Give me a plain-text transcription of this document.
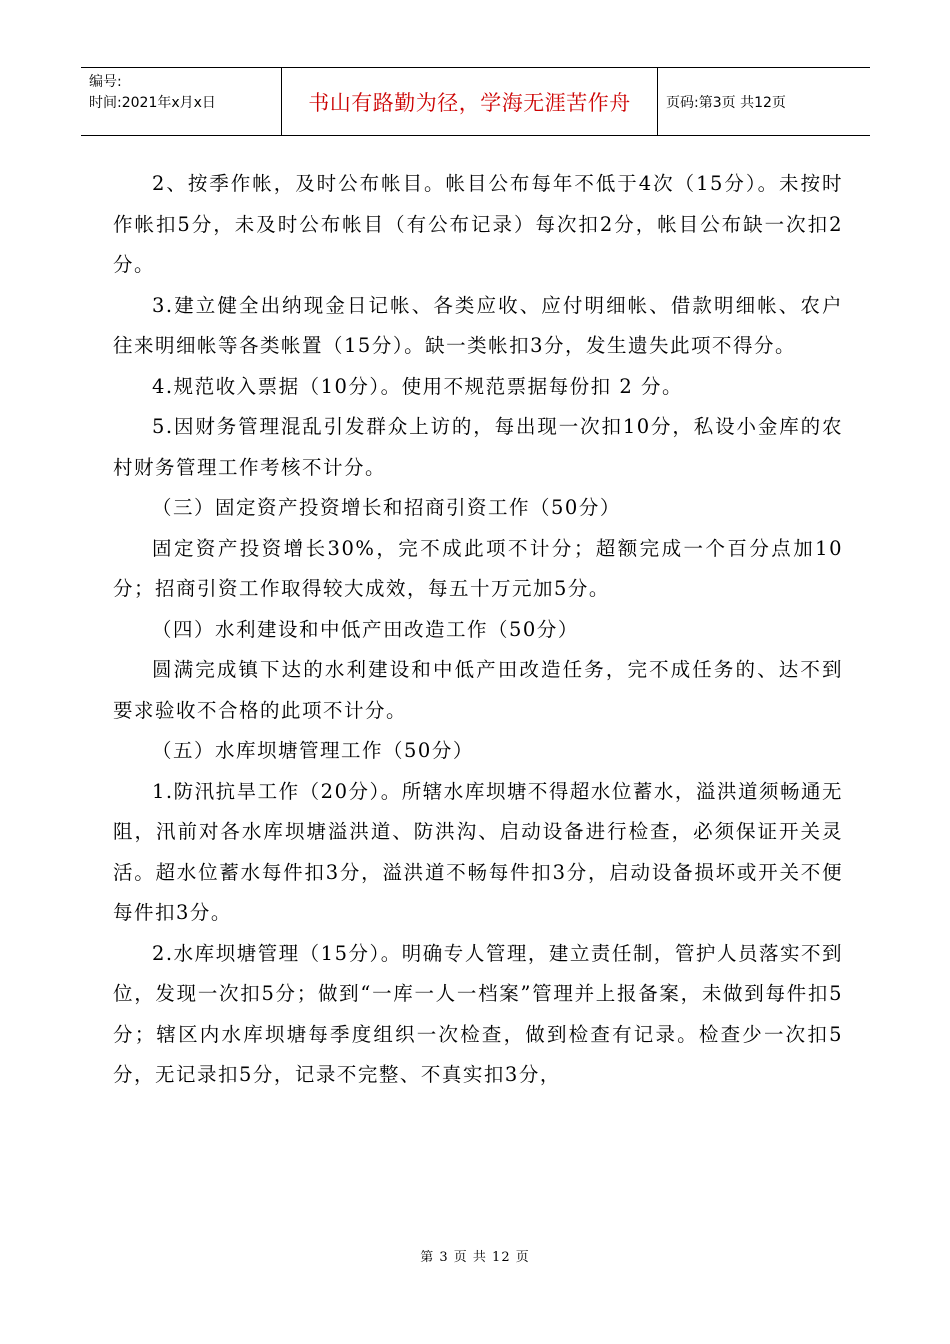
编号:
时间:2021年x月x日	书山有路勤为径，学海无涯苦作舟	页码:第3页 共12页

2、按季作帐，及时公布帐目。帐目公布每年不低于4次（15分）。未按时作帐扣5分，未及时公布帐目（有公布记录）每次扣2分，帐目公布缺一次扣2分。

3.建立健全出纳现金日记帐、各类应收、应付明细帐、借款明细帐、农户往来明细帐等各类帐置（15分）。缺一类帐扣3分，发生遗失此项不得分。

4.规范收入票据（10分）。使用不规范票据每份扣 2 分。

5.因财务管理混乱引发群众上访的，每出现一次扣10分，私设小金库的农村财务管理工作考核不计分。

（三）固定资产投资增长和招商引资工作（50分）

固定资产投资增长30%，完不成此项不计分；超额完成一个百分点加10分；招商引资工作取得较大成效，每五十万元加5分。

（四）水利建设和中低产田改造工作（50分）

圆满完成镇下达的水利建设和中低产田改造任务，完不成任务的、达不到要求验收不合格的此项不计分。

（五）水库坝塘管理工作（50分）

1.防汛抗旱工作（20分）。所辖水库坝塘不得超水位蓄水，溢洪道须畅通无阻，汛前对各水库坝塘溢洪道、防洪沟、启动设备进行检查，必须保证开关灵活。超水位蓄水每件扣3分，溢洪道不畅每件扣3分，启动设备损坏或开关不便每件扣3分。

2.水库坝塘管理（15分）。明确专人管理，建立责任制，管护人员落实不到位，发现一次扣5分；做到“一库一人一档案”管理并上报备案，未做到每件扣5分；辖区内水库坝塘每季度组织一次检查，做到检查有记录。检查少一次扣5分，无记录扣5分，记录不完整、不真实扣3分，

第 3 页 共 12 页
